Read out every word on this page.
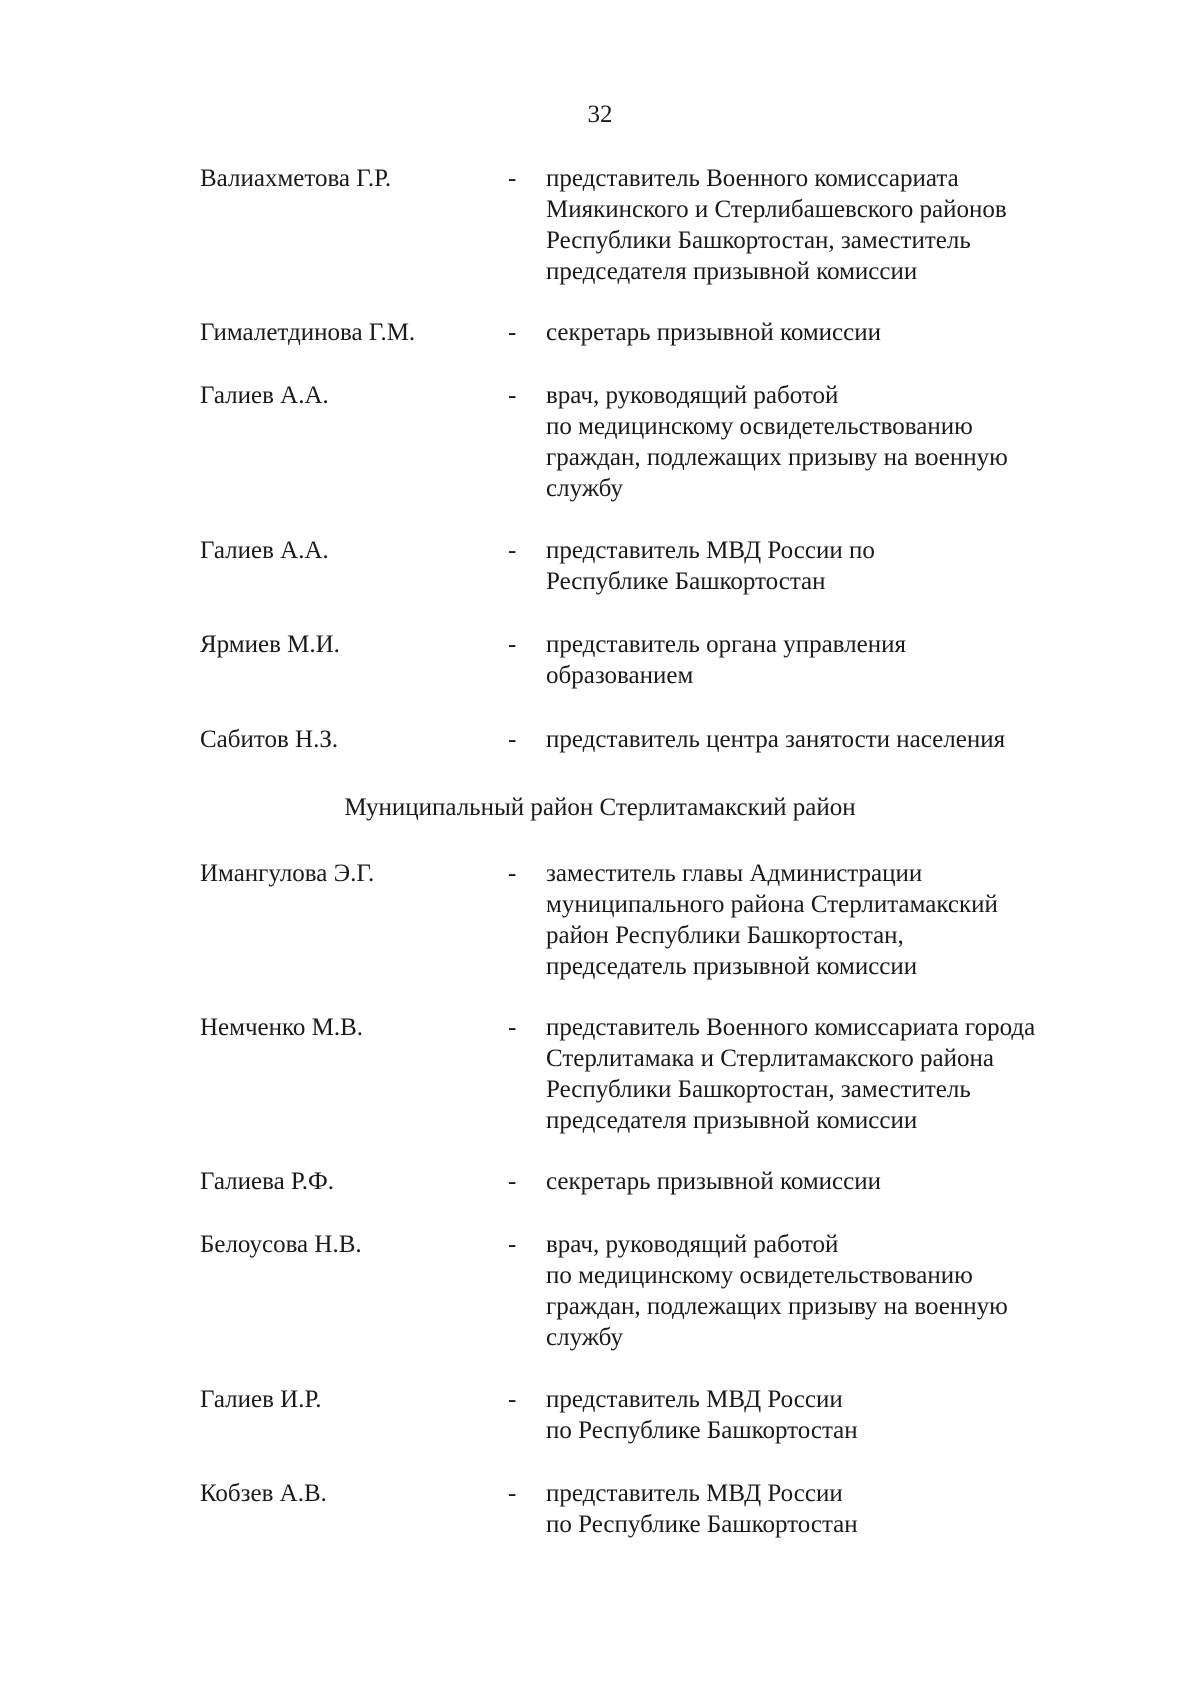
32
Валиахметова Г.Р.	- представитель Военного комиссариата
Миякинского и Стерлибашевского районов
Республики Башкортостан, заместитель
председателя призывной комиссии
Гималетдинова Г.М.	- секретарь призывной комиссии
Галиев А.А.	- врач, руководящий работой
по медицинскому освидетельствованию
граждан, подлежащих призыву на военную
службу
Галиев А.А.	- представитель МВД России по
Республике Башкортостан
Ярмиев М.И.	- представитель органа управления
образованием
Сабитов Н.З.	- представитель центра занятости населения
Муниципальный район Стерлитамакский район
Имангулова Э.Г.	- заместитель главы Администрации
муниципального района Стерлитамакский
район Республики Башкортостан,
председатель призывной комиссии
Немченко М.В.	- представитель Военного комиссариата города
Стерлитамака и Стерлитамакского района
Республики Башкортостан, заместитель
председателя призывной комиссии
Галиева Р.Ф.	- секретарь призывной комиссии
Белоусова Н.В.	- врач, руководящий работой
по медицинскому освидетельствованию
граждан, подлежащих призыву на военную
службу
Галиев И.Р.	- представитель МВД России
по Республике Башкортостан
Кобзев А.В.	- представитель МВД России
по Республике Башкортостан
